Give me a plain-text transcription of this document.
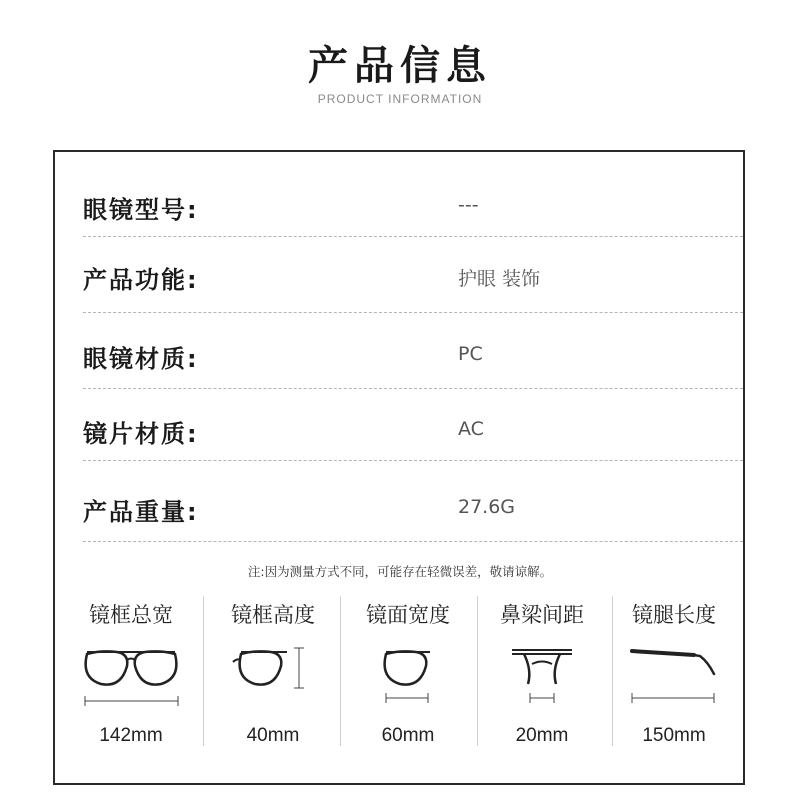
产品信息
PRODUCT INFORMATION
眼镜型号:	---
产品功能:	护眼 装饰
眼镜材质:	PC
镜片材质:	AC
产品重量:	27.6G
注:因为测量方式不同，可能存在轻微误差，敬请谅解。
镜框总宽
142mm
镜框高度
40mm
镜面宽度
60mm
鼻梁间距
20mm
镜腿长度
150mm
